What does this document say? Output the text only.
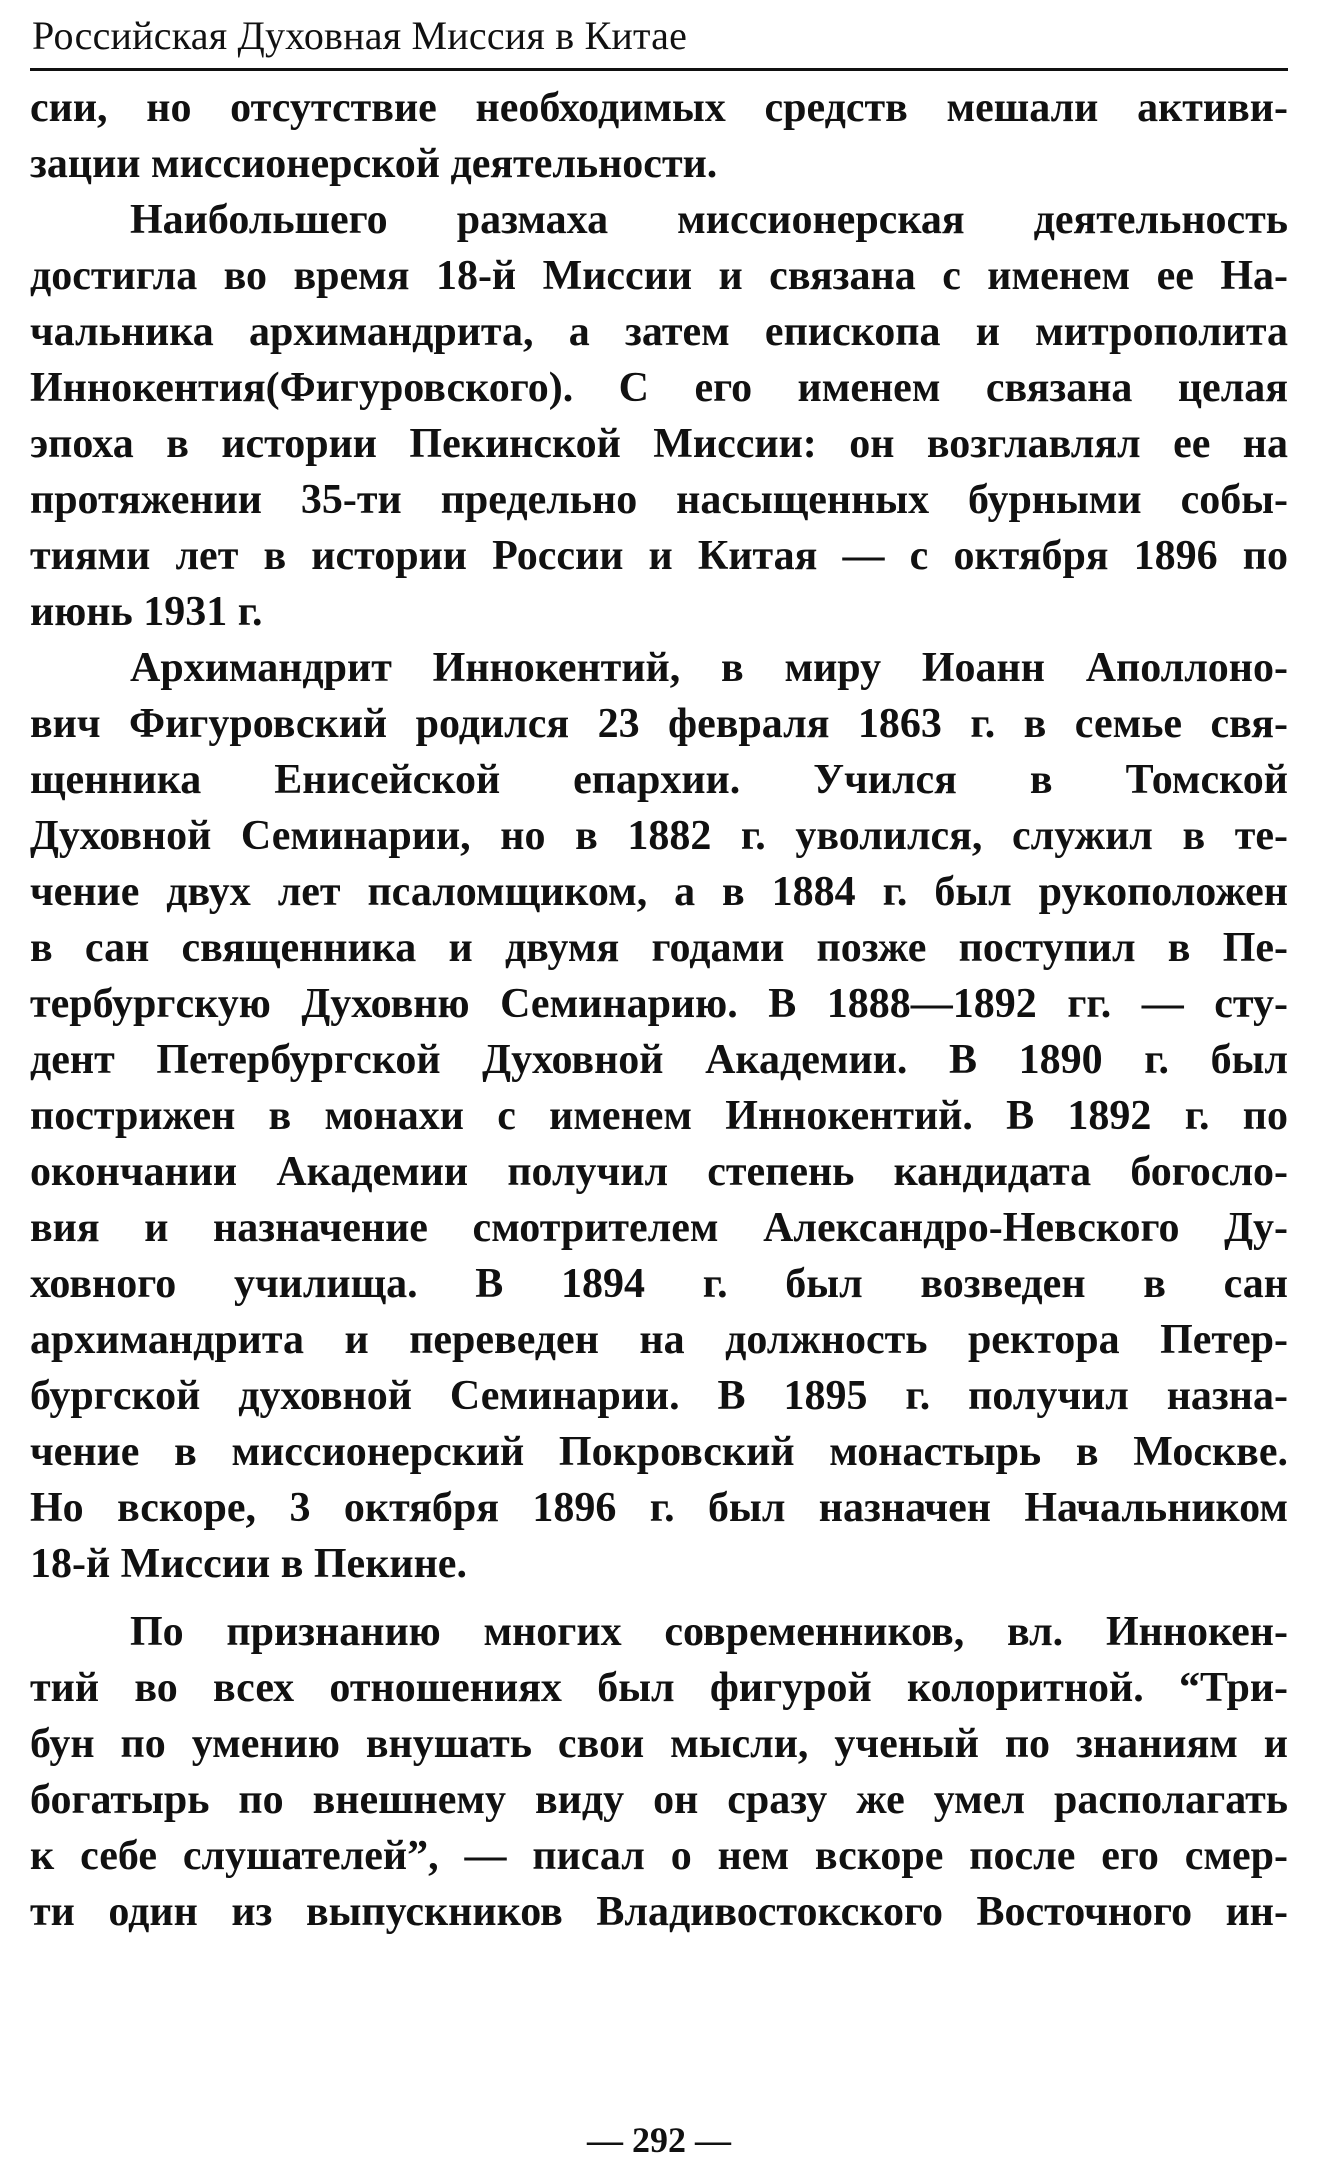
Российская Духовная Миссия в Китае
сии, но отсутствие необходимых средств мешали активи-
зации миссионерской деятельности.
Наибольшего размаха миссионерская деятельность
достигла во время 18-й Миссии и связана с именем ее На-
чальника архимандрита, а затем епископа и митрополита
Иннокентия(Фигуровского). С его именем связана целая
эпоха в истории Пекинской Миссии: он возглавлял ее на
протяжении 35-ти предельно насыщенных бурными собы-
тиями лет в истории России и Китая — с октября 1896 по
июнь 1931 г.
Архимандрит Иннокентий, в миру Иоанн Аполлоно-
вич Фигуровский родился 23 февраля 1863 г. в семье свя-
щенника Енисейской епархии. Учился в Томской
Духовной Семинарии, но в 1882 г. уволился, служил в те-
чение двух лет псаломщиком, а в 1884 г. был рукоположен
в сан священника и двумя годами позже поступил в Пе-
тербургскую Духовню Семинарию. В 1888—1892 гг. — сту-
дент Петербургской Духовной Академии. В 1890 г. был
пострижен в монахи с именем Иннокентий. В 1892 г. по
окончании Академии получил степень кандидата богосло-
вия и назначение смотрителем Александро-Невского Ду-
ховного училища. В 1894 г. был возведен в сан
архимандрита и переведен на должность ректора Петер-
бургской духовной Семинарии. В 1895 г. получил назна-
чение в миссионерский Покровский монастырь в Москве.
Но вскоре, 3 октября 1896 г. был назначен Начальником
18-й Миссии в Пекине.
По признанию многих современников, вл. Иннокен-
тий во всех отношениях был фигурой колоритной. “Три-
бун по умению внушать свои мысли, ученый по знаниям и
богатырь по внешнему виду он сразу же умел располагать
к себе слушателей”, — писал о нем вскоре после его смер-
ти один из выпускников Владивостокского Восточного ин-
— 292 —
